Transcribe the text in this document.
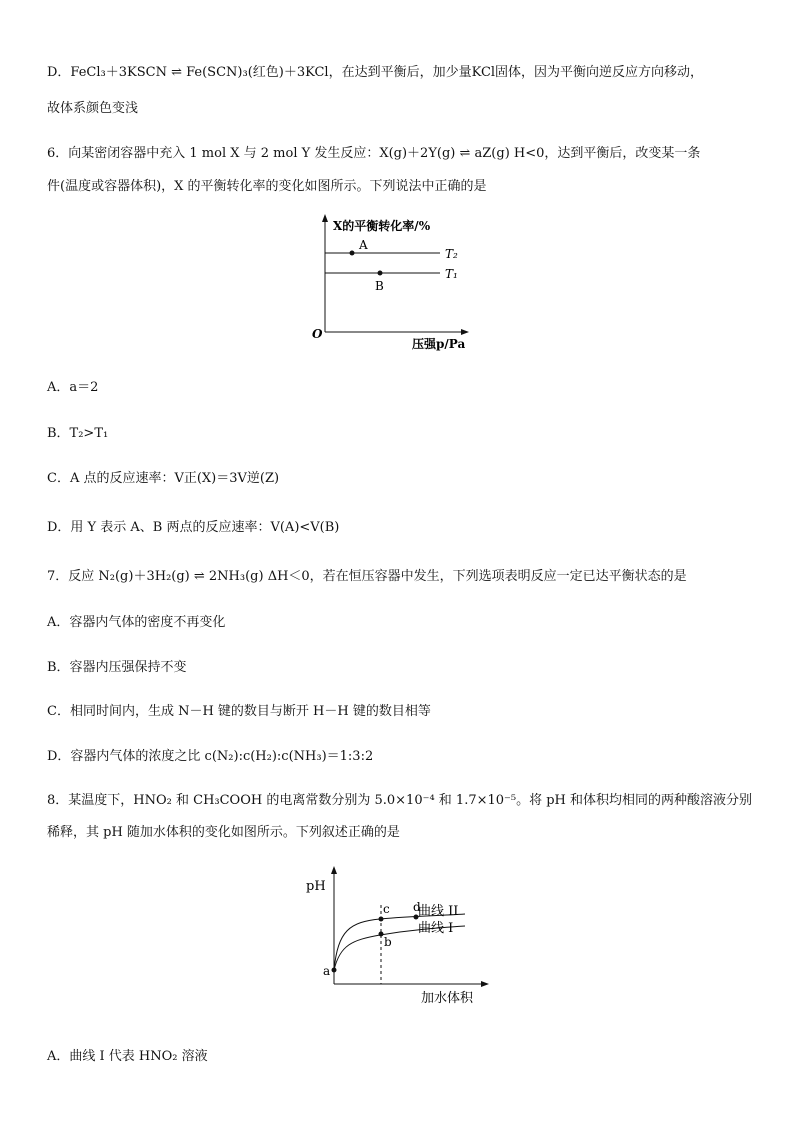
D．FeCl₃＋3KSCN ⇌ Fe(SCN)₃(红色)＋3KCl，在达到平衡后，加少量KCl固体，因为平衡向逆反应方向移动，
故体系颜色变浅
6．向某密闭容器中充入 1 mol X 与 2 mol Y 发生反应：X(g)＋2Y(g) ⇌ aZ(g) H<0，达到平衡后，改变某一条
件(温度或容器体积)，X 的平衡转化率的变化如图所示。下列说法中正确的是
X的平衡转化率/%
压强p/Pa
O
T₂
T₁
A
B
A．a＝2
B．T₂>T₁
C．A 点的反应速率：V正(X)＝3V逆(Z)
D．用 Y 表示 A、B 两点的反应速率：V(A)<V(B)
7．反应 N₂(g)＋3H₂(g) ⇌ 2NH₃(g) ΔH＜0，若在恒压容器中发生，下列选项表明反应一定已达平衡状态的是
A．容器内气体的密度不再变化
B．容器内压强保持不变
C．相同时间内，生成 N－H 键的数目与断开 H－H 键的数目相等
D．容器内气体的浓度之比 c(N₂):c(H₂):c(NH₃)＝1:3:2
8．某温度下，HNO₂ 和 CH₃COOH 的电离常数分别为 5.0×10⁻⁴ 和 1.7×10⁻⁵。将 pH 和体积均相同的两种酸溶液分别
稀释，其 pH 随加水体积的变化如图所示。下列叙述正确的是
pH
加水体积
曲线 II
曲线 I
a
b
c d
A．曲线 I 代表 HNO₂ 溶液
